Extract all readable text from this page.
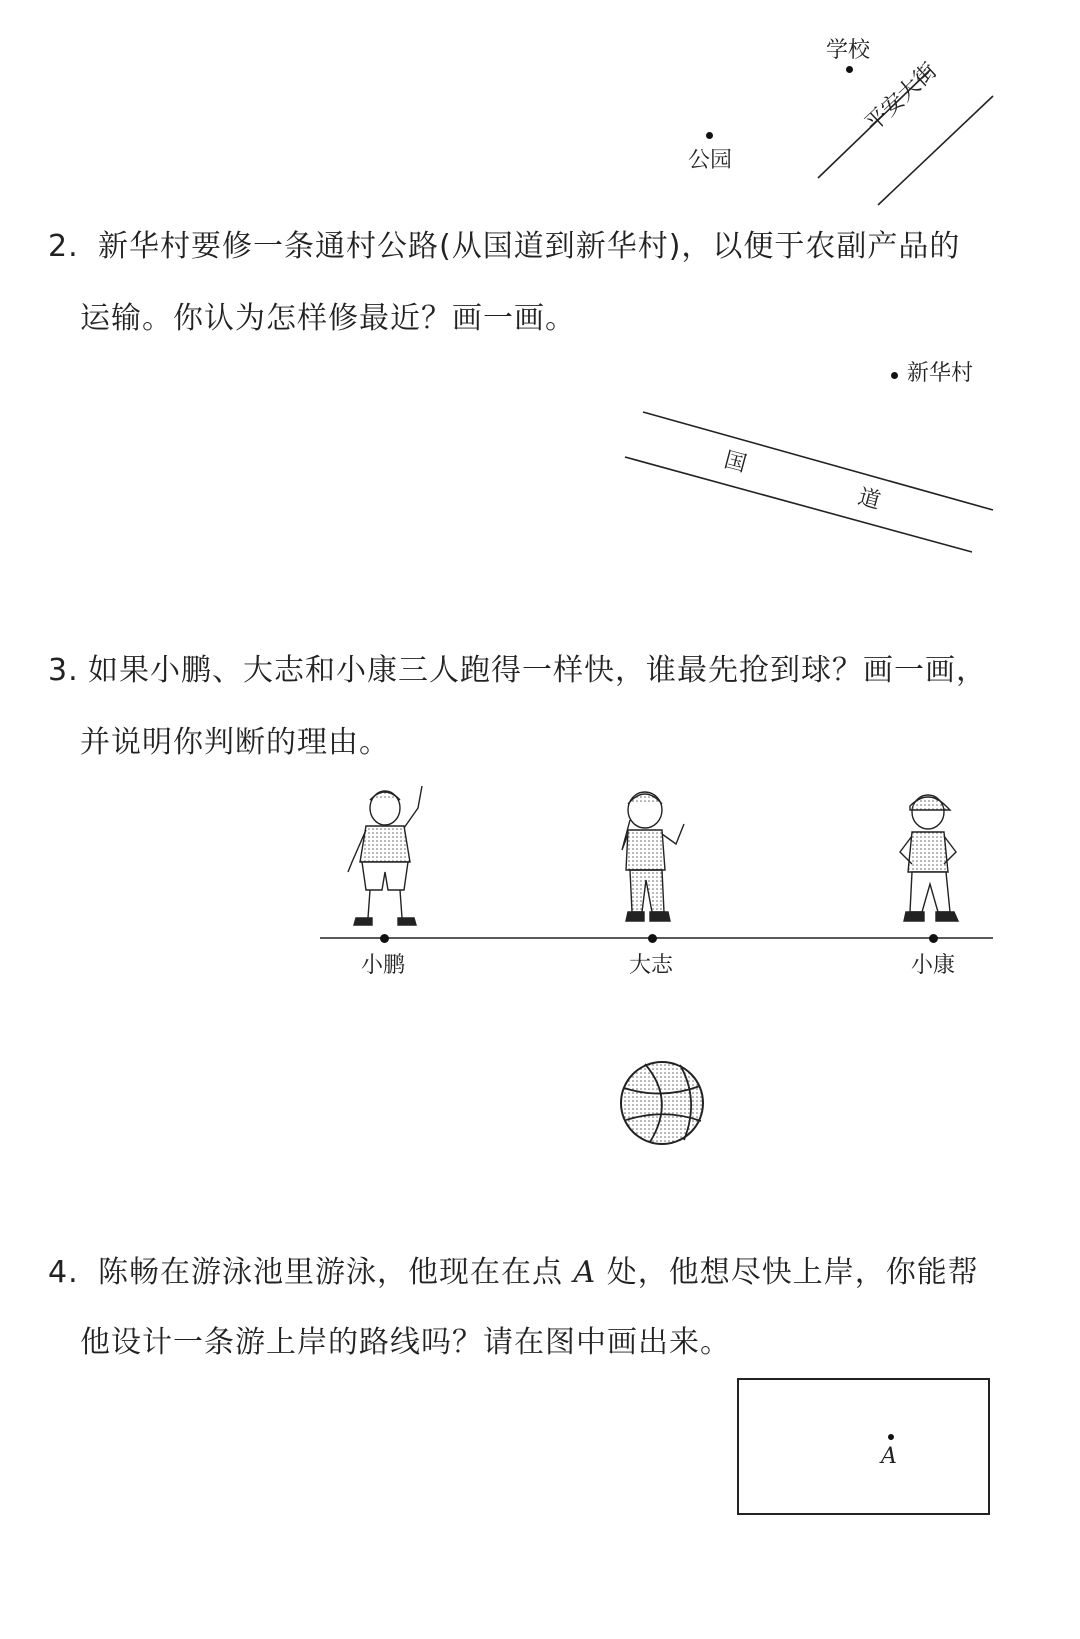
学校
公园
平安大街
2. 新华村要修一条通村公路(从国道到新华村)，以便于农副产品的
运输。你认为怎样修最近？画一画。
新华村
国
道
3. 如果小鹏、大志和小康三人跑得一样快，谁最先抢到球？画一画，
并说明你判断的理由。
小鹏	大志	小康
4. 陈畅在游泳池里游泳，他现在在点 A 处，他想尽快上岸，你能帮
他设计一条游上岸的路线吗？请在图中画出来。
A
